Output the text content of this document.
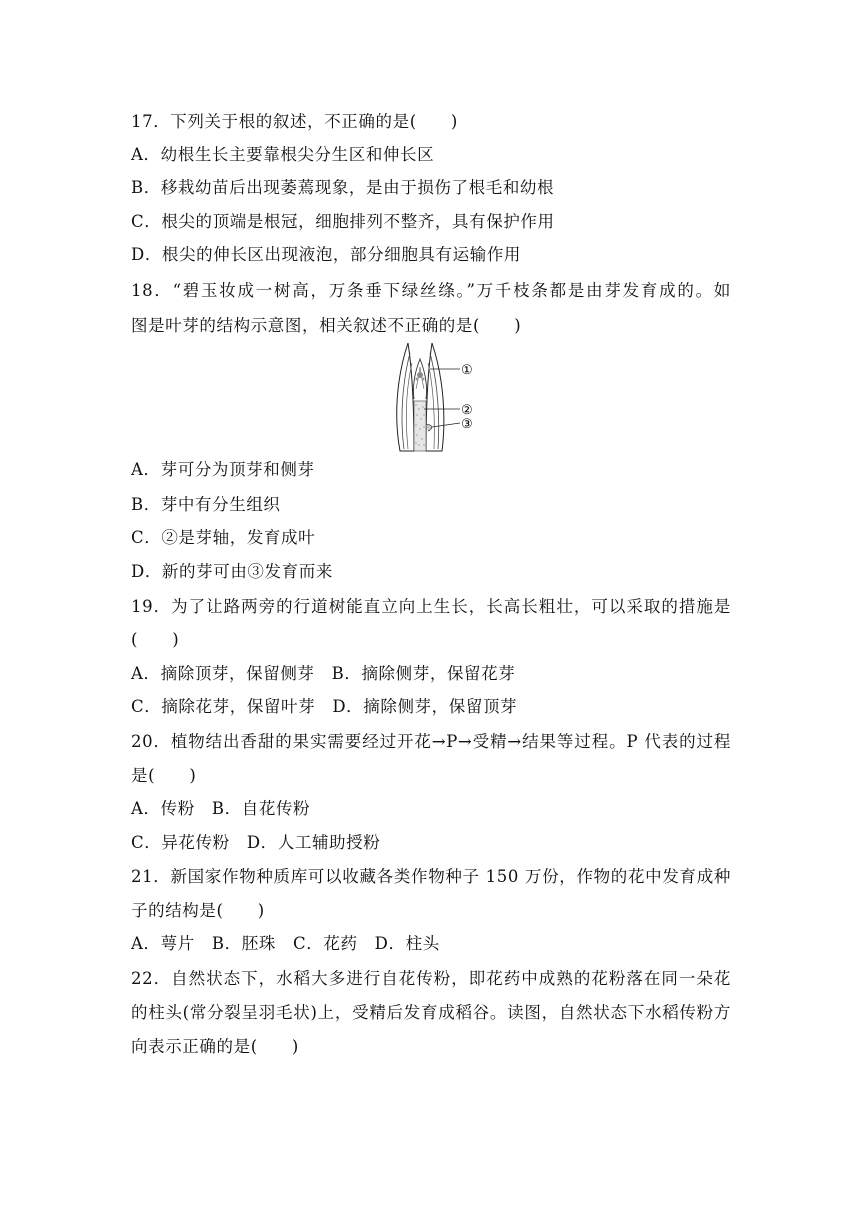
17．下列关于根的叙述，不正确的是(　　)
A．幼根生长主要靠根尖分生区和伸长区
B．移栽幼苗后出现萎蔫现象，是由于损伤了根毛和幼根
C．根尖的顶端是根冠，细胞排列不整齐，具有保护作用
D．根尖的伸长区出现液泡，部分细胞具有运输作用
18．“碧玉妆成一树高，万条垂下绿丝绦。”万千枝条都是由芽发育成的。如
图是叶芽的结构示意图，相关叙述不正确的是(　　)
①
②
③
A．芽可分为顶芽和侧芽
B．芽中有分生组织
C．②是芽轴，发育成叶
D．新的芽可由③发育而来
19．为了让路两旁的行道树能直立向上生长，长高长粗壮，可以采取的措施是
(　　)
A．摘除顶芽，保留侧芽　B．摘除侧芽，保留花芽
C．摘除花芽，保留叶芽　D．摘除侧芽，保留顶芽
20．植物结出香甜的果实需要经过开花→P→受精→结果等过程。P 代表的过程
是(　　)
A．传粉　B．自花传粉
C．异花传粉　D．人工辅助授粉
21．新国家作物种质库可以收藏各类作物种子 150 万份，作物的花中发育成种
子的结构是(　　)
A．萼片　B．胚珠　C．花药　D．柱头
22．自然状态下，水稻大多进行自花传粉，即花药中成熟的花粉落在同一朵花
的柱头(常分裂呈羽毛状)上，受精后发育成稻谷。读图，自然状态下水稻传粉方
向表示正确的是(　　)
